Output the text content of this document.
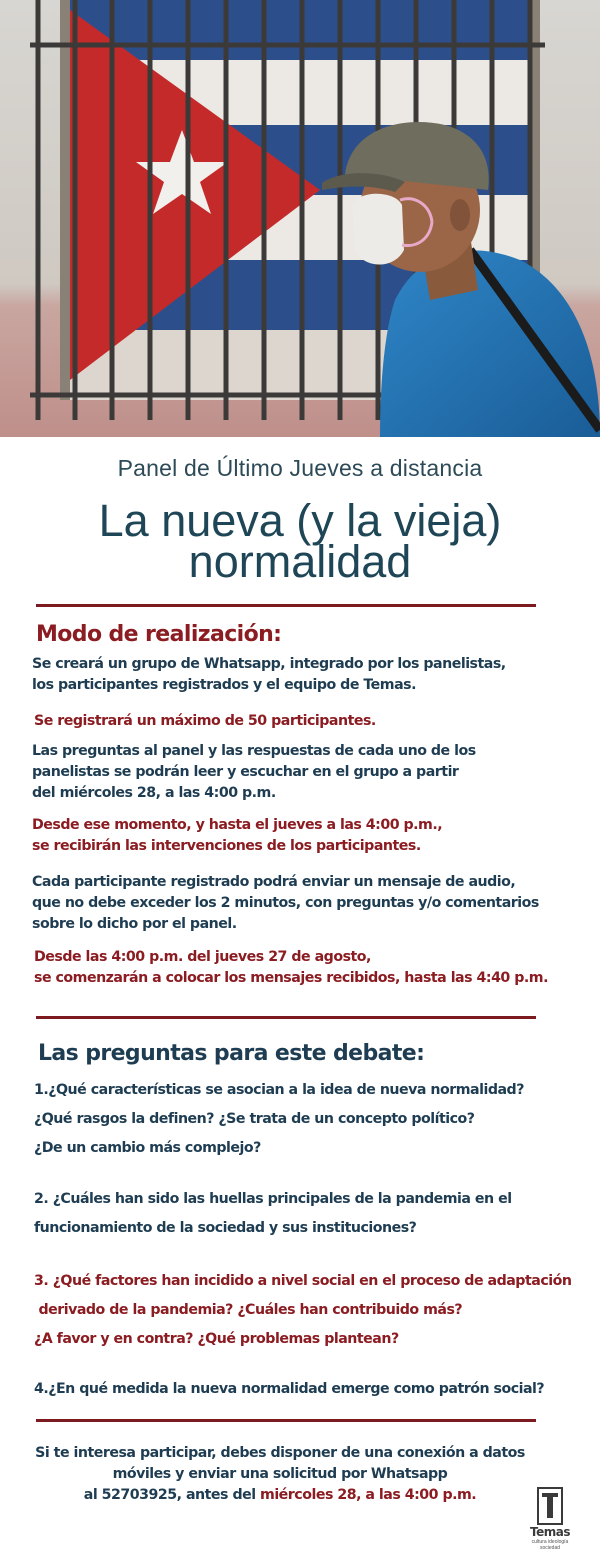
Panel de Último Jueves a distancia
La nueva (y la vieja)
normalidad
Modo de realización:
Se creará un grupo de Whatsapp, integrado por los panelistas,
los participantes registrados y el equipo de Temas.
Se registrará un máximo de 50 participantes.
Las preguntas al panel y las respuestas de cada uno de los
panelistas se podrán leer y escuchar en el grupo a partir
del miércoles 28, a las 4:00 p.m.
Desde ese momento, y hasta el jueves a las 4:00 p.m.,
se recibirán las intervenciones de los participantes.
Cada participante registrado podrá enviar un mensaje de audio,
que no debe exceder los 2 minutos, con preguntas y/o comentarios
sobre lo dicho por el panel.
Desde las 4:00 p.m. del jueves 27 de agosto,
se comenzarán a colocar los mensajes recibidos, hasta las 4:40 p.m.
Las preguntas para este debate:
1.¿Qué características se asocian a la idea de nueva normalidad?
¿Qué rasgos la definen? ¿Se trata de un concepto político?
¿De un cambio más complejo?
2. ¿Cuáles han sido las huellas principales de la pandemia en el
funcionamiento de la sociedad y sus instituciones?
3. ¿Qué factores han incidido a nivel social en el proceso de adaptación
derivado de la pandemia? ¿Cuáles han contribuido más?
¿A favor y en contra? ¿Qué problemas plantean?
4.¿En qué medida la nueva normalidad emerge como patrón social?
Si te interesa participar, debes disponer de una conexión a datos
móviles y enviar una solicitud por Whatsapp
al 52703925, antes del miércoles 28, a las 4:00 p.m.
Temas
cultura ideología sociedad
